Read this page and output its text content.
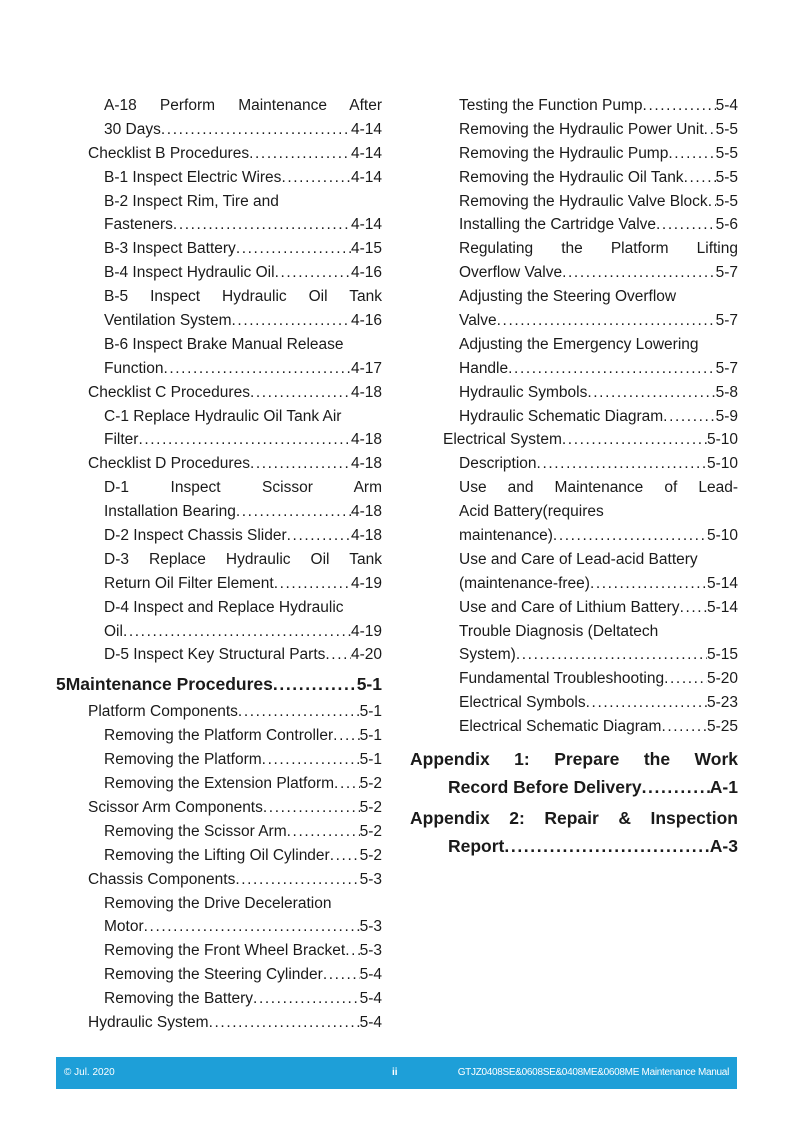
A-18 Perform Maintenance After
30 Days .....	4-14
Checklist B Procedures .....	4-14
B-1 Inspect Electric Wires .....	4-14
B-2 Inspect Rim, Tire and
Fasteners .....	4-14
B-3 Inspect Battery .....	4-15
B-4 Inspect Hydraulic Oil .....	4-16
B-5 Inspect Hydraulic Oil Tank
Ventilation System .....	4-16
B-6 Inspect Brake Manual Release
Function .....	4-17
Checklist C Procedures .....	4-18
C-1 Replace Hydraulic Oil Tank Air
Filter .....	4-18
Checklist D Procedures .....	4-18
D-1 Inspect Scissor Arm
Installation Bearing .....	4-18
D-2 Inspect Chassis Slider .....	4-18
D-3 Replace Hydraulic Oil Tank
Return Oil Filter Element .....	4-19
D-4 Inspect and Replace Hydraulic
Oil .....	4-19
D-5 Inspect Key Structural Parts ..... 4-20
5 Maintenance Procedures .....	5-1
Platform Components .....	5-1
Removing the Platform Controller ..... 5-1
Removing the Platform .....	5-1
Removing the Extension Platform ..... 5-2
Scissor Arm Components .....	5-2
Removing the Scissor Arm .....	5-2
Removing the Lifting Oil Cylinder ..... 5-2
Chassis Components .....	5-3
Removing the Drive Deceleration
Motor .....	5-3
Removing the Front Wheel Bracket ..... 5-3
Removing the Steering Cylinder ..... 5-4
Removing the Battery .....	5-4
Hydraulic System .....	5-4
Testing the Function Pump .....	5-4
Removing the Hydraulic Power Unit ..... 5-5
Removing the Hydraulic Pump .....	5-5
Removing the Hydraulic Oil Tank ..... 5-5
Removing the Hydraulic Valve Block ..... 5-5
Installing the Cartridge Valve .....	5-6
Regulating the Platform Lifting
Overflow Valve .....	5-7
Adjusting the Steering Overflow
Valve .....	5-7
Adjusting the Emergency Lowering
Handle .....	5-7
Hydraulic Symbols .....	5-8
Hydraulic Schematic Diagram .....	5-9
Electrical System .....	5-10
Description .....	5-10
Use and Maintenance of Lead-
Acid Battery(requires
maintenance) .....	5-10
Use and Care of Lead-acid Battery
(maintenance-free) .....	5-14
Use and Care of Lithium Battery ..... 5-14
Trouble Diagnosis (Deltatech
System) .....	5-15
Fundamental Troubleshooting .....	5-20
Electrical Symbols .....	5-23
Electrical Schematic Diagram .....	5-25
Appendix 1: Prepare the Work
Record Before Delivery .....	A-1
Appendix 2: Repair & Inspection
Report .....	A-3
© Jul. 2020	ii	GTJZ0408SE&0608SE&0408ME&0608ME Maintenance Manual
